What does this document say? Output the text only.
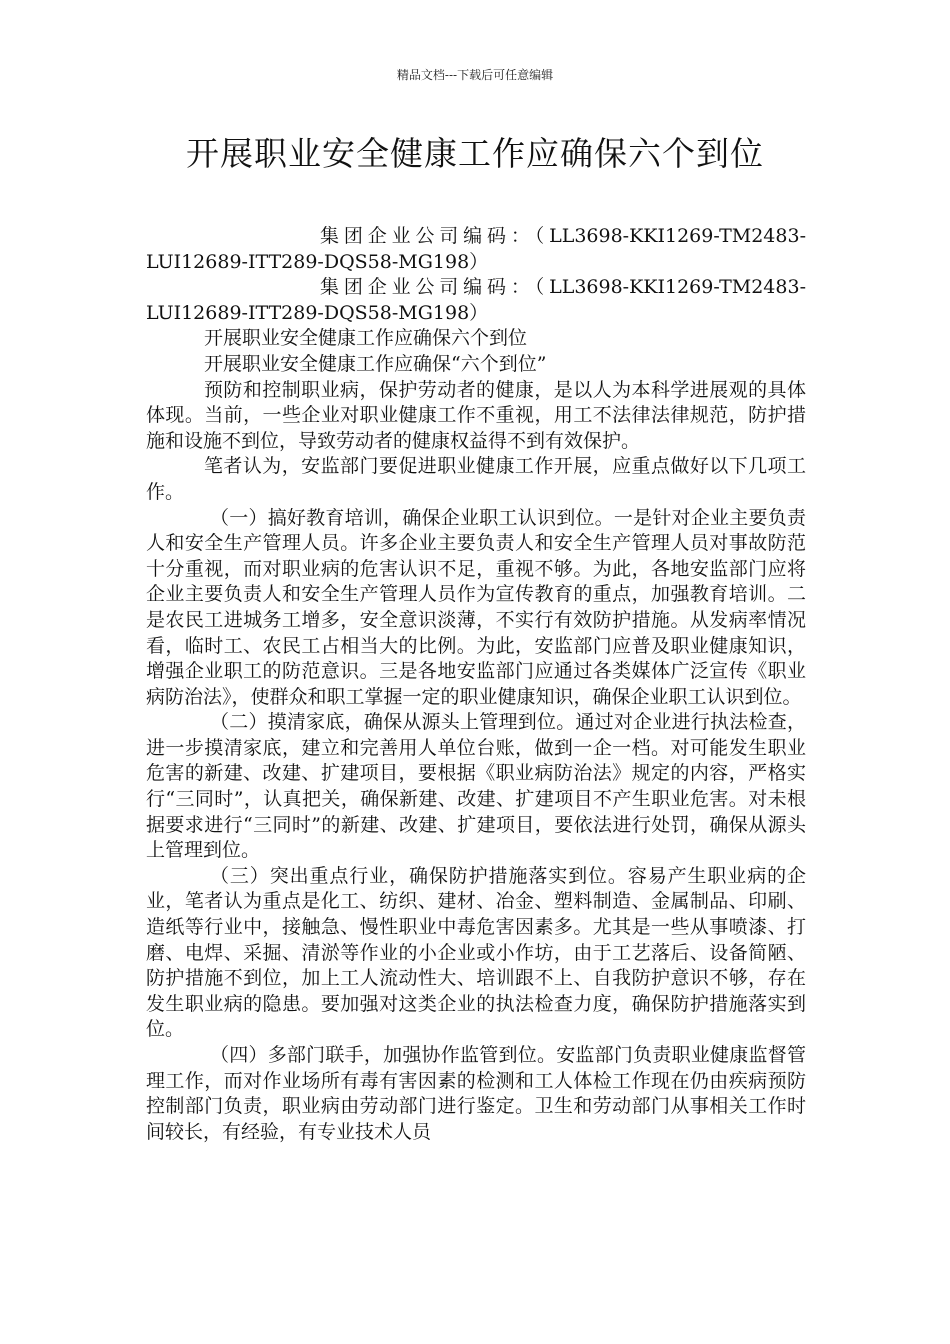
精品文档---下载后可任意编辑
开展职业安全健康工作应确保六个到位

集团企业公司编码：（LL3698-KKI1269-TM2483-LUI12689-ITT289-DQS58-MG198）

集团企业公司编码：（LL3698-KKI1269-TM2483-LUI12689-ITT289-DQS58-MG198）

开展职业安全健康工作应确保六个到位

开展职业安全健康工作应确保“六个到位”

预防和控制职业病，保护劳动者的健康，是以人为本科学进展观的具体体现。当前，一些企业对职业健康工作不重视，用工不法律法律规范，防护措施和设施不到位，导致劳动者的健康权益得不到有效保护。

笔者认为，安监部门要促进职业健康工作开展，应重点做好以下几项工作。

（一）搞好教育培训，确保企业职工认识到位。一是针对企业主要负责人和安全生产管理人员。许多企业主要负责人和安全生产管理人员对事故防范十分重视，而对职业病的危害认识不足，重视不够。为此，各地安监部门应将企业主要负责人和安全生产管理人员作为宣传教育的重点，加强教育培训。二是农民工进城务工增多，安全意识淡薄，不实行有效防护措施。从发病率情况看，临时工、农民工占相当大的比例。为此，安监部门应普及职业健康知识，增强企业职工的防范意识。三是各地安监部门应通过各类媒体广泛宣传《职业病防治法》，使群众和职工掌握一定的职业健康知识，确保企业职工认识到位。

（二）摸清家底，确保从源头上管理到位。通过对企业进行执法检查，进一步摸清家底，建立和完善用人单位台账，做到一企一档。对可能发生职业危害的新建、改建、扩建项目，要根据《职业病防治法》规定的内容，严格实行“三同时”，认真把关，确保新建、改建、扩建项目不产生职业危害。对未根据要求进行“三同时”的新建、改建、扩建项目，要依法进行处罚，确保从源头上管理到位。

（三）突出重点行业，确保防护措施落实到位。容易产生职业病的企业，笔者认为重点是化工、纺织、建材、冶金、塑料制造、金属制品、印刷、造纸等行业中，接触急、慢性职业中毒危害因素多。尤其是一些从事喷漆、打磨、电焊、采掘、清淤等作业的小企业或小作坊，由于工艺落后、设备简陋、防护措施不到位，加上工人流动性大、培训跟不上、自我防护意识不够，存在发生职业病的隐患。要加强对这类企业的执法检查力度，确保防护措施落实到位。

（四）多部门联手，加强协作监管到位。安监部门负责职业健康监督管理工作，而对作业场所有毒有害因素的检测和工人体检工作现在仍由疾病预防控制部门负责，职业病由劳动部门进行鉴定。卫生和劳动部门从事相关工作时间较长，有经验，有专业技术人员
